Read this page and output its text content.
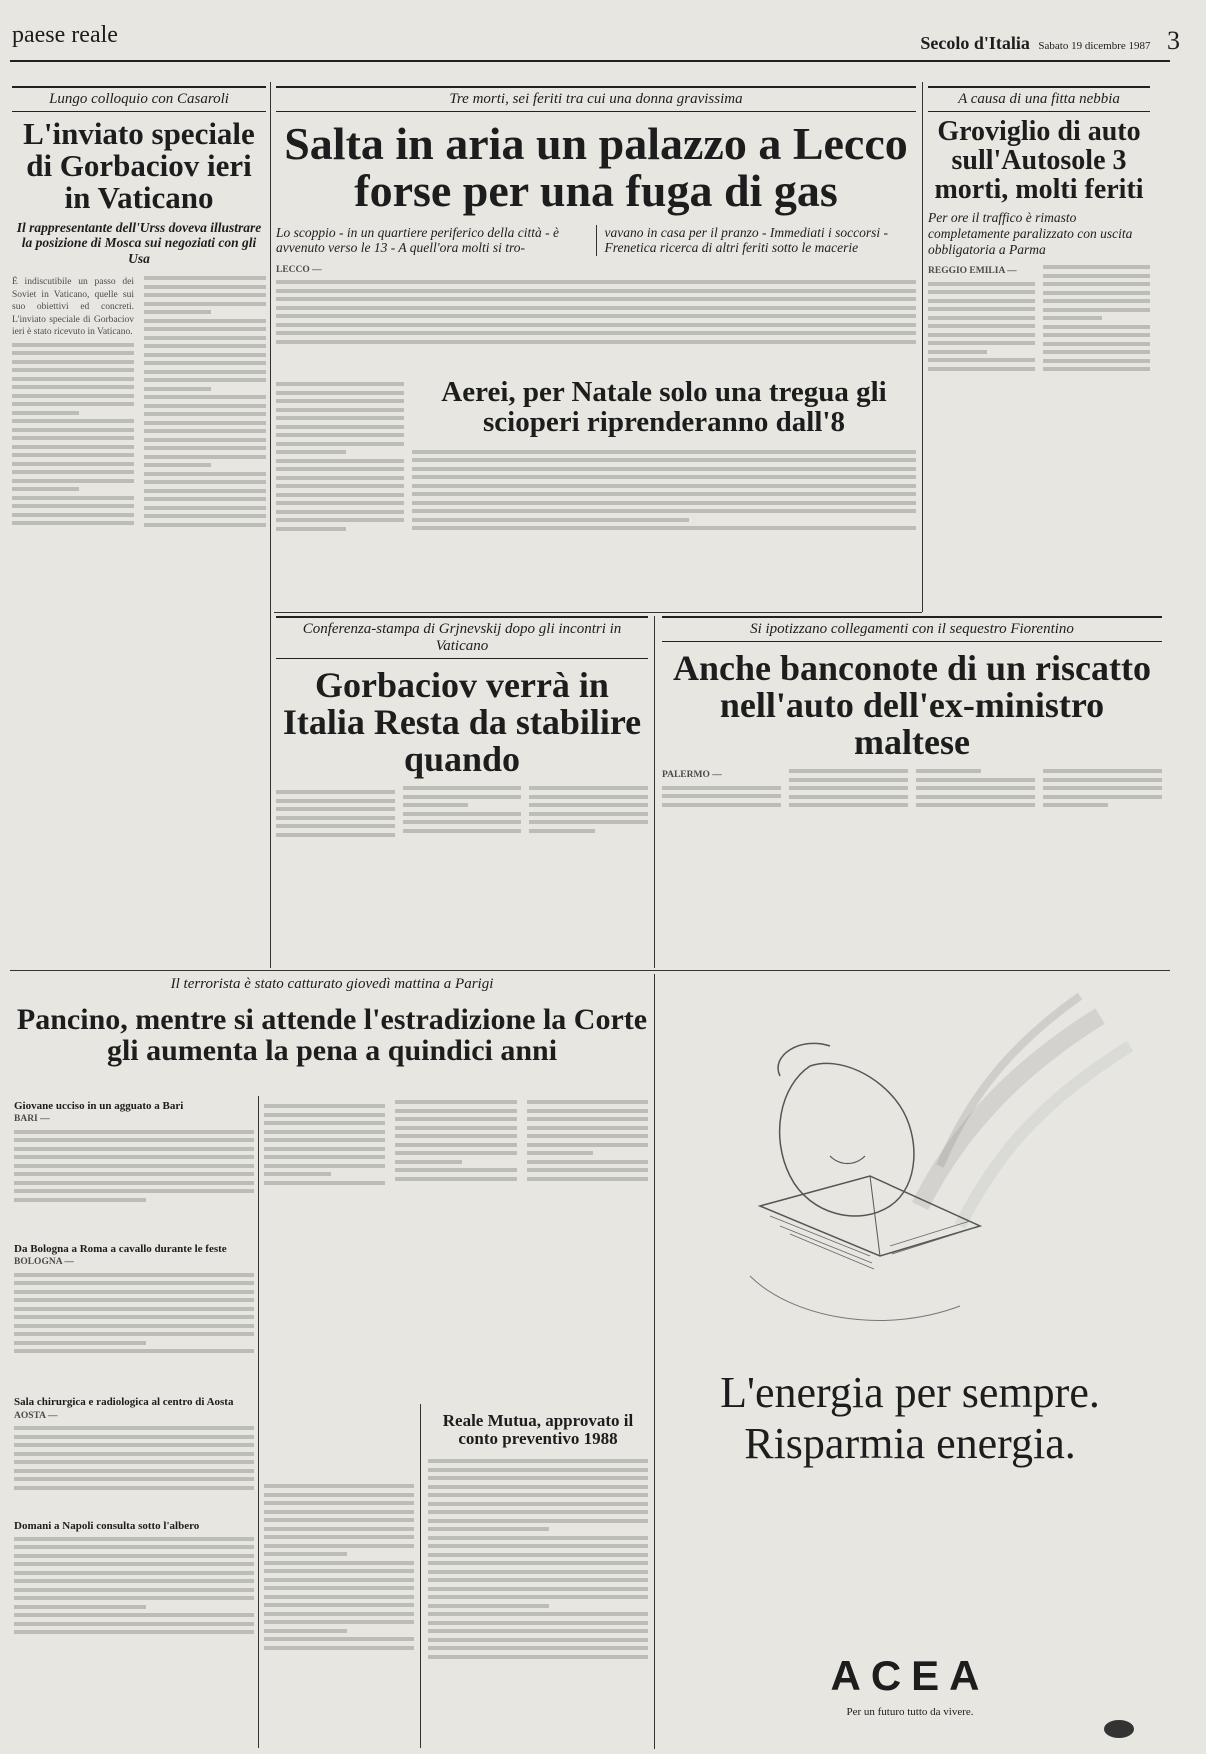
paese reale	Secolo d'Italia Sabato 19 dicembre 1987 3
Lungo colloquio con Casaroli
L'inviato speciale di Gorbaciov ieri in Vaticano
Il rappresentante dell'Urss doveva illustrare la posizione di Mosca sui negoziati con gli Usa
È indiscutibile un passo dei Soviet in Vaticano, quelle sui suo obiettivi ed concreti. L'inviato speciale di Gorbaciov ieri è stato ricevuto in Vaticano.
Tre morti, sei feriti tra cui una donna gravissima
Salta in aria un palazzo a Lecco forse per una fuga di gas
Lo scoppio - in un quartiere periferico della città - è avvenuto verso le 13 - A quell'ora molti si tro-
vavano in casa per il pranzo - Immediati i soccorsi - Frenetica ricerca di altri feriti sotto le macerie
LECCO —
Aerei, per Natale solo una tregua gli scioperi riprenderanno dall'8
A causa di una fitta nebbia
Groviglio di auto sull'Autosole 3 morti, molti feriti
Per ore il traffico è rimasto completamente paralizzato con uscita obbligatoria a Parma
REGGIO EMILIA —
Conferenza-stampa di Grjnevskij dopo gli incontri in Vaticano
Gorbaciov verrà in Italia Resta da stabilire quando
Si ipotizzano collegamenti con il sequestro Fiorentino
Anche banconote di un riscatto nell'auto dell'ex-ministro maltese
PALERMO —
Il terrorista è stato catturato giovedì mattina a Parigi
Pancino, mentre si attende l'estradizione la Corte gli aumenta la pena a quindici anni
Giovane ucciso in un agguato a Bari
BARI —
Da Bologna a Roma a cavallo durante le feste
BOLOGNA —
Sala chirurgica e radiologica al centro di Aosta
AOSTA —
Domani a Napoli consulta sotto l'albero
Reale Mutua, approvato il conto preventivo 1988
L'energia per sempre.
Risparmia energia.
ACEA
Per un futuro tutto da vivere.
